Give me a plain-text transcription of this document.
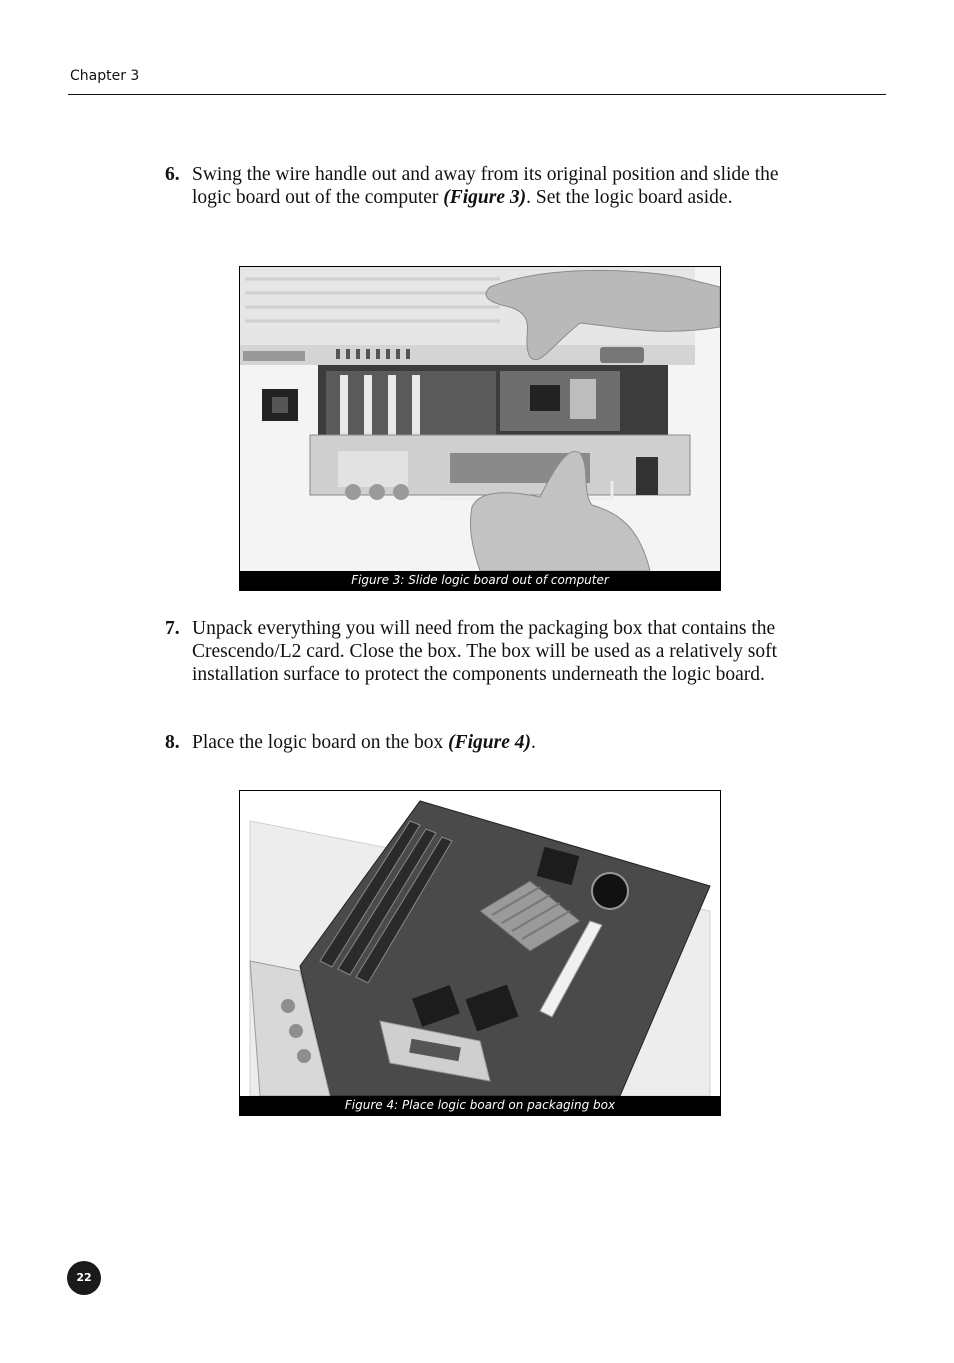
Chapter 3
6. Swing the wire handle out and away from its original position and slide the logic board out of the computer (Figure 3). Set the logic board aside.
Figure 3: Slide logic board out of computer
7. Unpack everything you will need from the packaging box that contains the Crescendo/L2 card. Close the box. The box will be used as a relatively soft installation surface to protect the components underneath the logic board.
8. Place the logic board on the box (Figure 4).
Figure 4: Place logic board on packaging box
22
